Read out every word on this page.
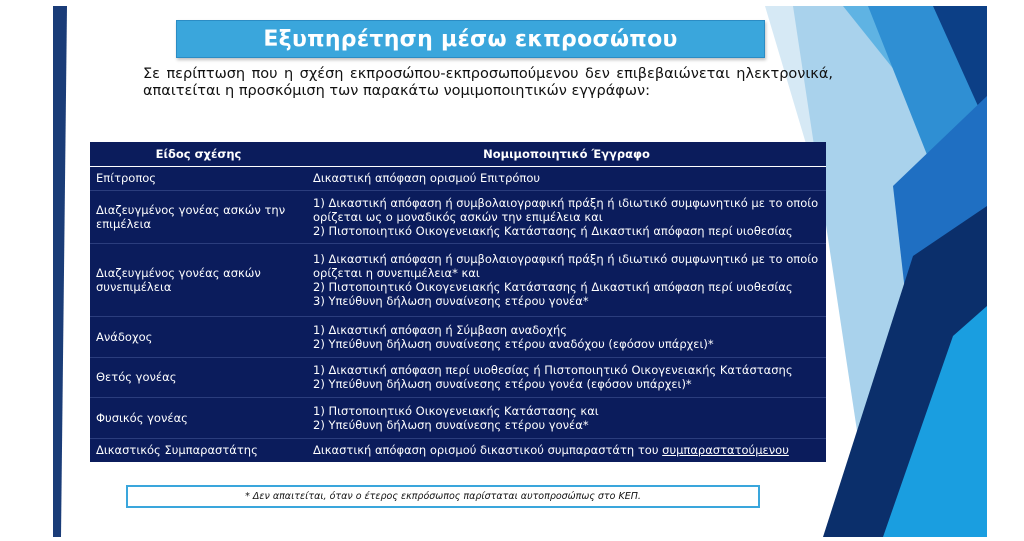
Εξυπηρέτηση μέσω εκπροσώπου
Σε περίπτωση που η σχέση εκπροσώπου-εκπροσωπούμενου δεν επιβεβαιώνεται ηλεκτρονικά, απαιτείται η προσκόμιση των παρακάτω νομιμοποιητικών εγγράφων:
Είδος σχέσης	Νομιμοποιητικό Έγγραφο
Επίτροπος	Δικαστική απόφαση ορισμού Επιτρόπου

Διαζευγμένος γονέας ασκών την επιμέλεια	1) Δικαστική απόφαση ή συμβολαιογραφική πράξη ή ιδιωτικό συμφωνητικό με το οποίο ορίζεται ως ο μοναδικός ασκών την επιμέλεια και
2) Πιστοποιητικό Οικογενειακής Κατάστασης ή Δικαστική απόφαση περί υιοθεσίας

Διαζευγμένος γονέας ασκών συνεπιμέλεια	1) Δικαστική απόφαση ή συμβολαιογραφική πράξη ή ιδιωτικό συμφωνητικό με το οποίο ορίζεται η συνεπιμέλεια* και
2) Πιστοποιητικό Οικογενειακής Κατάστασης ή Δικαστική απόφαση περί υιοθεσίας
3) Υπεύθυνη δήλωση συναίνεσης ετέρου γονέα*

Ανάδοχος	1) Δικαστική απόφαση ή Σύμβαση αναδοχής
2) Υπεύθυνη δήλωση συναίνεσης ετέρου αναδόχου (εφόσον υπάρχει)*

Θετός γονέας	1) Δικαστική απόφαση περί υιοθεσίας ή Πιστοποιητικό Οικογενειακής Κατάστασης
2) Υπεύθυνη δήλωση συναίνεσης ετέρου γονέα (εφόσον υπάρχει)*

Φυσικός γονέας	1) Πιστοποιητικό Οικογενειακής Κατάστασης και
2) Υπεύθυνη δήλωση συναίνεσης ετέρου γονέα*

Δικαστικός Συμπαραστάτης	Δικαστική απόφαση ορισμού δικαστικού συμπαραστάτη του συμπαραστατούμενου
* Δεν απαιτείται, όταν ο έτερος εκπρόσωπος παρίσταται αυτοπροσώπως στο ΚΕΠ.
